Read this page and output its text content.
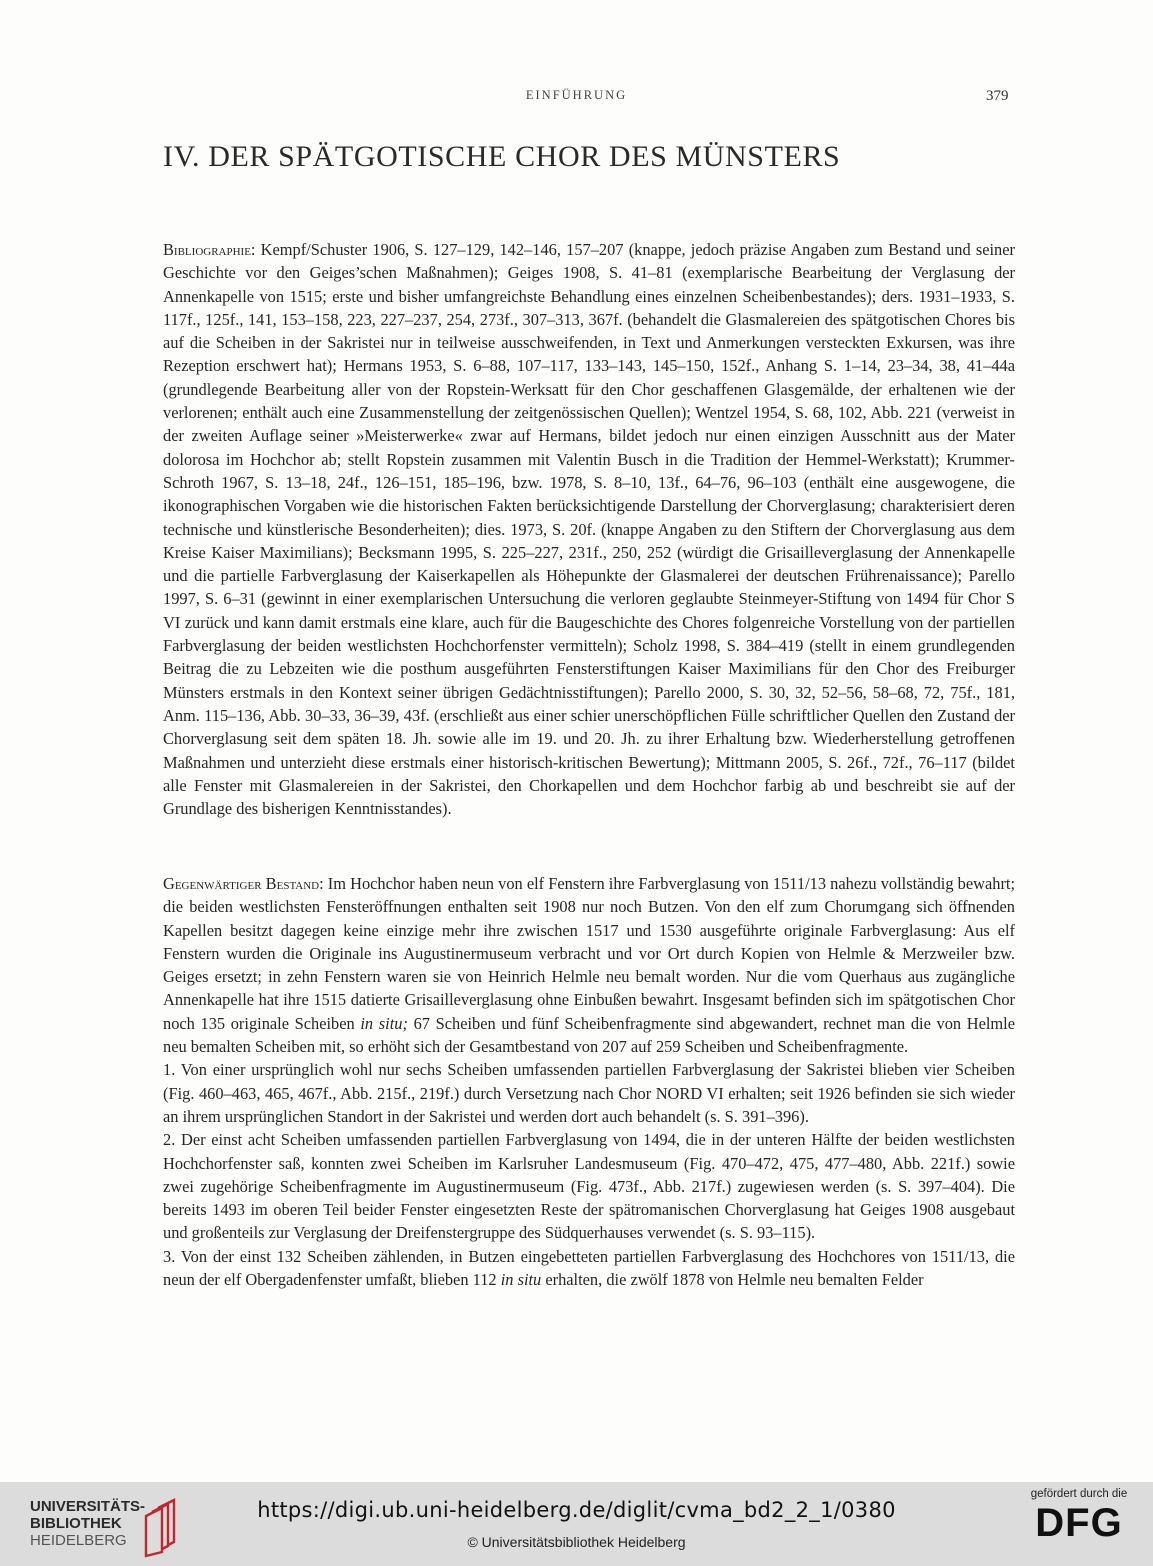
EINFÜHRUNG	379
IV. DER SPÄTGOTISCHE CHOR DES MÜNSTERS

Bibliographie: Kempf/Schuster 1906, S. 127–129, 142–146, 157–207 (knappe, jedoch präzise Angaben zum Bestand und seiner Geschichte vor den Geiges’schen Maßnahmen); Geiges 1908, S. 41–81 (exemplarische Bearbeitung der Verglasung der Annenkapelle von 1515; erste und bisher umfangreichste Behandlung eines einzelnen Scheibenbestandes); ders. 1931–1933, S. 117f., 125f., 141, 153–158, 223, 227–237, 254, 273f., 307–313, 367f. (behandelt die Glasmalereien des spätgotischen Chores bis auf die Scheiben in der Sakristei nur in teilweise ausschweifenden, in Text und Anmerkungen versteckten Exkursen, was ihre Rezeption erschwert hat); Hermans 1953, S. 6–88, 107–117, 133–143, 145–150, 152f., Anhang S. 1–14, 23–34, 38, 41–44a (grundlegende Bearbeitung aller von der Ropstein-Werksatt für den Chor geschaffenen Glasgemälde, der erhaltenen wie der verlorenen; enthält auch eine Zusammenstellung der zeitgenössischen Quellen); Wentzel 1954, S. 68, 102, Abb. 221 (verweist in der zweiten Auflage seiner »Meisterwerke« zwar auf Hermans, bildet jedoch nur einen einzigen Ausschnitt aus der Mater dolorosa im Hochchor ab; stellt Ropstein zusammen mit Valentin Busch in die Tradition der Hemmel-Werkstatt); Krummer-Schroth 1967, S. 13–18, 24f., 126–151, 185–196, bzw. 1978, S. 8–10, 13f., 64–76, 96–103 (enthält eine ausgewogene, die ikonographischen Vorgaben wie die historischen Fakten berücksichtigende Darstellung der Chorverglasung; charakterisiert deren technische und künstlerische Besonderheiten); dies. 1973, S. 20f. (knappe Angaben zu den Stiftern der Chorverglasung aus dem Kreise Kaiser Maximilians); Becksmann 1995, S. 225–227, 231f., 250, 252 (würdigt die Grisailleverglasung der Annenkapelle und die partielle Farbverglasung der Kaiserkapellen als Höhepunkte der Glasmalerei der deutschen Frührenaissance); Parello 1997, S. 6–31 (gewinnt in einer exemplarischen Untersuchung die verloren geglaubte Steinmeyer-Stiftung von 1494 für Chor S VI zurück und kann damit erstmals eine klare, auch für die Baugeschichte des Chores folgenreiche Vorstellung von der partiellen Farbverglasung der beiden westlichsten Hochchorfenster vermitteln); Scholz 1998, S. 384–419 (stellt in einem grundlegenden Beitrag die zu Lebzeiten wie die posthum ausgeführten Fensterstiftungen Kaiser Maximilians für den Chor des Freiburger Münsters erstmals in den Kontext seiner übrigen Gedächtnisstiftungen); Parello 2000, S. 30, 32, 52–56, 58–68, 72, 75f., 181, Anm. 115–136, Abb. 30–33, 36–39, 43f. (erschließt aus einer schier unerschöpflichen Fülle schriftlicher Quellen den Zustand der Chorverglasung seit dem späten 18. Jh. sowie alle im 19. und 20. Jh. zu ihrer Erhaltung bzw. Wiederherstellung getroffenen Maßnahmen und unterzieht diese erstmals einer historisch-kritischen Bewertung); Mittmann 2005, S. 26f., 72f., 76–117 (bildet alle Fenster mit Glasmalereien in der Sakristei, den Chorkapellen und dem Hochchor farbig ab und beschreibt sie auf der Grundlage des bisherigen Kenntnisstandes).

Gegenwärtiger Bestand: Im Hochchor haben neun von elf Fenstern ihre Farbverglasung von 1511/13 nahezu vollständig bewahrt; die beiden westlichsten Fensteröffnungen enthalten seit 1908 nur noch Butzen. Von den elf zum Chorumgang sich öffnenden Kapellen besitzt dagegen keine einzige mehr ihre zwischen 1517 und 1530 ausgeführte originale Farbverglasung: Aus elf Fenstern wurden die Originale ins Augustinermuseum verbracht und vor Ort durch Kopien von Helmle & Merzweiler bzw. Geiges ersetzt; in zehn Fenstern waren sie von Heinrich Helmle neu bemalt worden. Nur die vom Querhaus aus zugängliche Annenkapelle hat ihre 1515 datierte Grisailleverglasung ohne Einbußen bewahrt. Insgesamt befinden sich im spätgotischen Chor noch 135 originale Scheiben in situ; 67 Scheiben und fünf Scheibenfragmente sind abgewandert, rechnet man die von Helmle neu bemalten Scheiben mit, so erhöht sich der Gesamtbestand von 207 auf 259 Scheiben und Scheibenfragmente.

1. Von einer ursprünglich wohl nur sechs Scheiben umfassenden partiellen Farbverglasung der Sakristei blieben vier Scheiben (Fig. 460–463, 465, 467f., Abb. 215f., 219f.) durch Versetzung nach Chor NORD VI erhalten; seit 1926 befinden sie sich wieder an ihrem ursprünglichen Standort in der Sakristei und werden dort auch behandelt (s. S. 391–396).

2. Der einst acht Scheiben umfassenden partiellen Farbverglasung von 1494, die in der unteren Hälfte der beiden westlichsten Hochchorfenster saß, konnten zwei Scheiben im Karlsruher Landesmuseum (Fig. 470–472, 475, 477–480, Abb. 221f.) sowie zwei zugehörige Scheibenfragmente im Augustinermuseum (Fig. 473f., Abb. 217f.) zugewiesen werden (s. S. 397–404). Die bereits 1493 im oberen Teil beider Fenster eingesetzten Reste der spätromanischen Chorverglasung hat Geiges 1908 ausgebaut und großenteils zur Verglasung der Dreifenstergruppe des Südquerhauses verwendet (s. S. 93–115).

3. Von der einst 132 Scheiben zählenden, in Butzen eingebetteten partiellen Farbverglasung des Hochchores von 1511/13, die neun der elf Obergadenfenster umfaßt, blieben 112 in situ erhalten, die zwölf 1878 von Helmle neu bemalten Felder

UNIVERSITÄTS-
BIBLIOTHEK
HEIDELBERG
https://digi.ub.uni-heidelberg.de/diglit/cvma_bd2_2_1/0380
© Universitätsbibliothek Heidelberg
gefördert durch die
DFG
